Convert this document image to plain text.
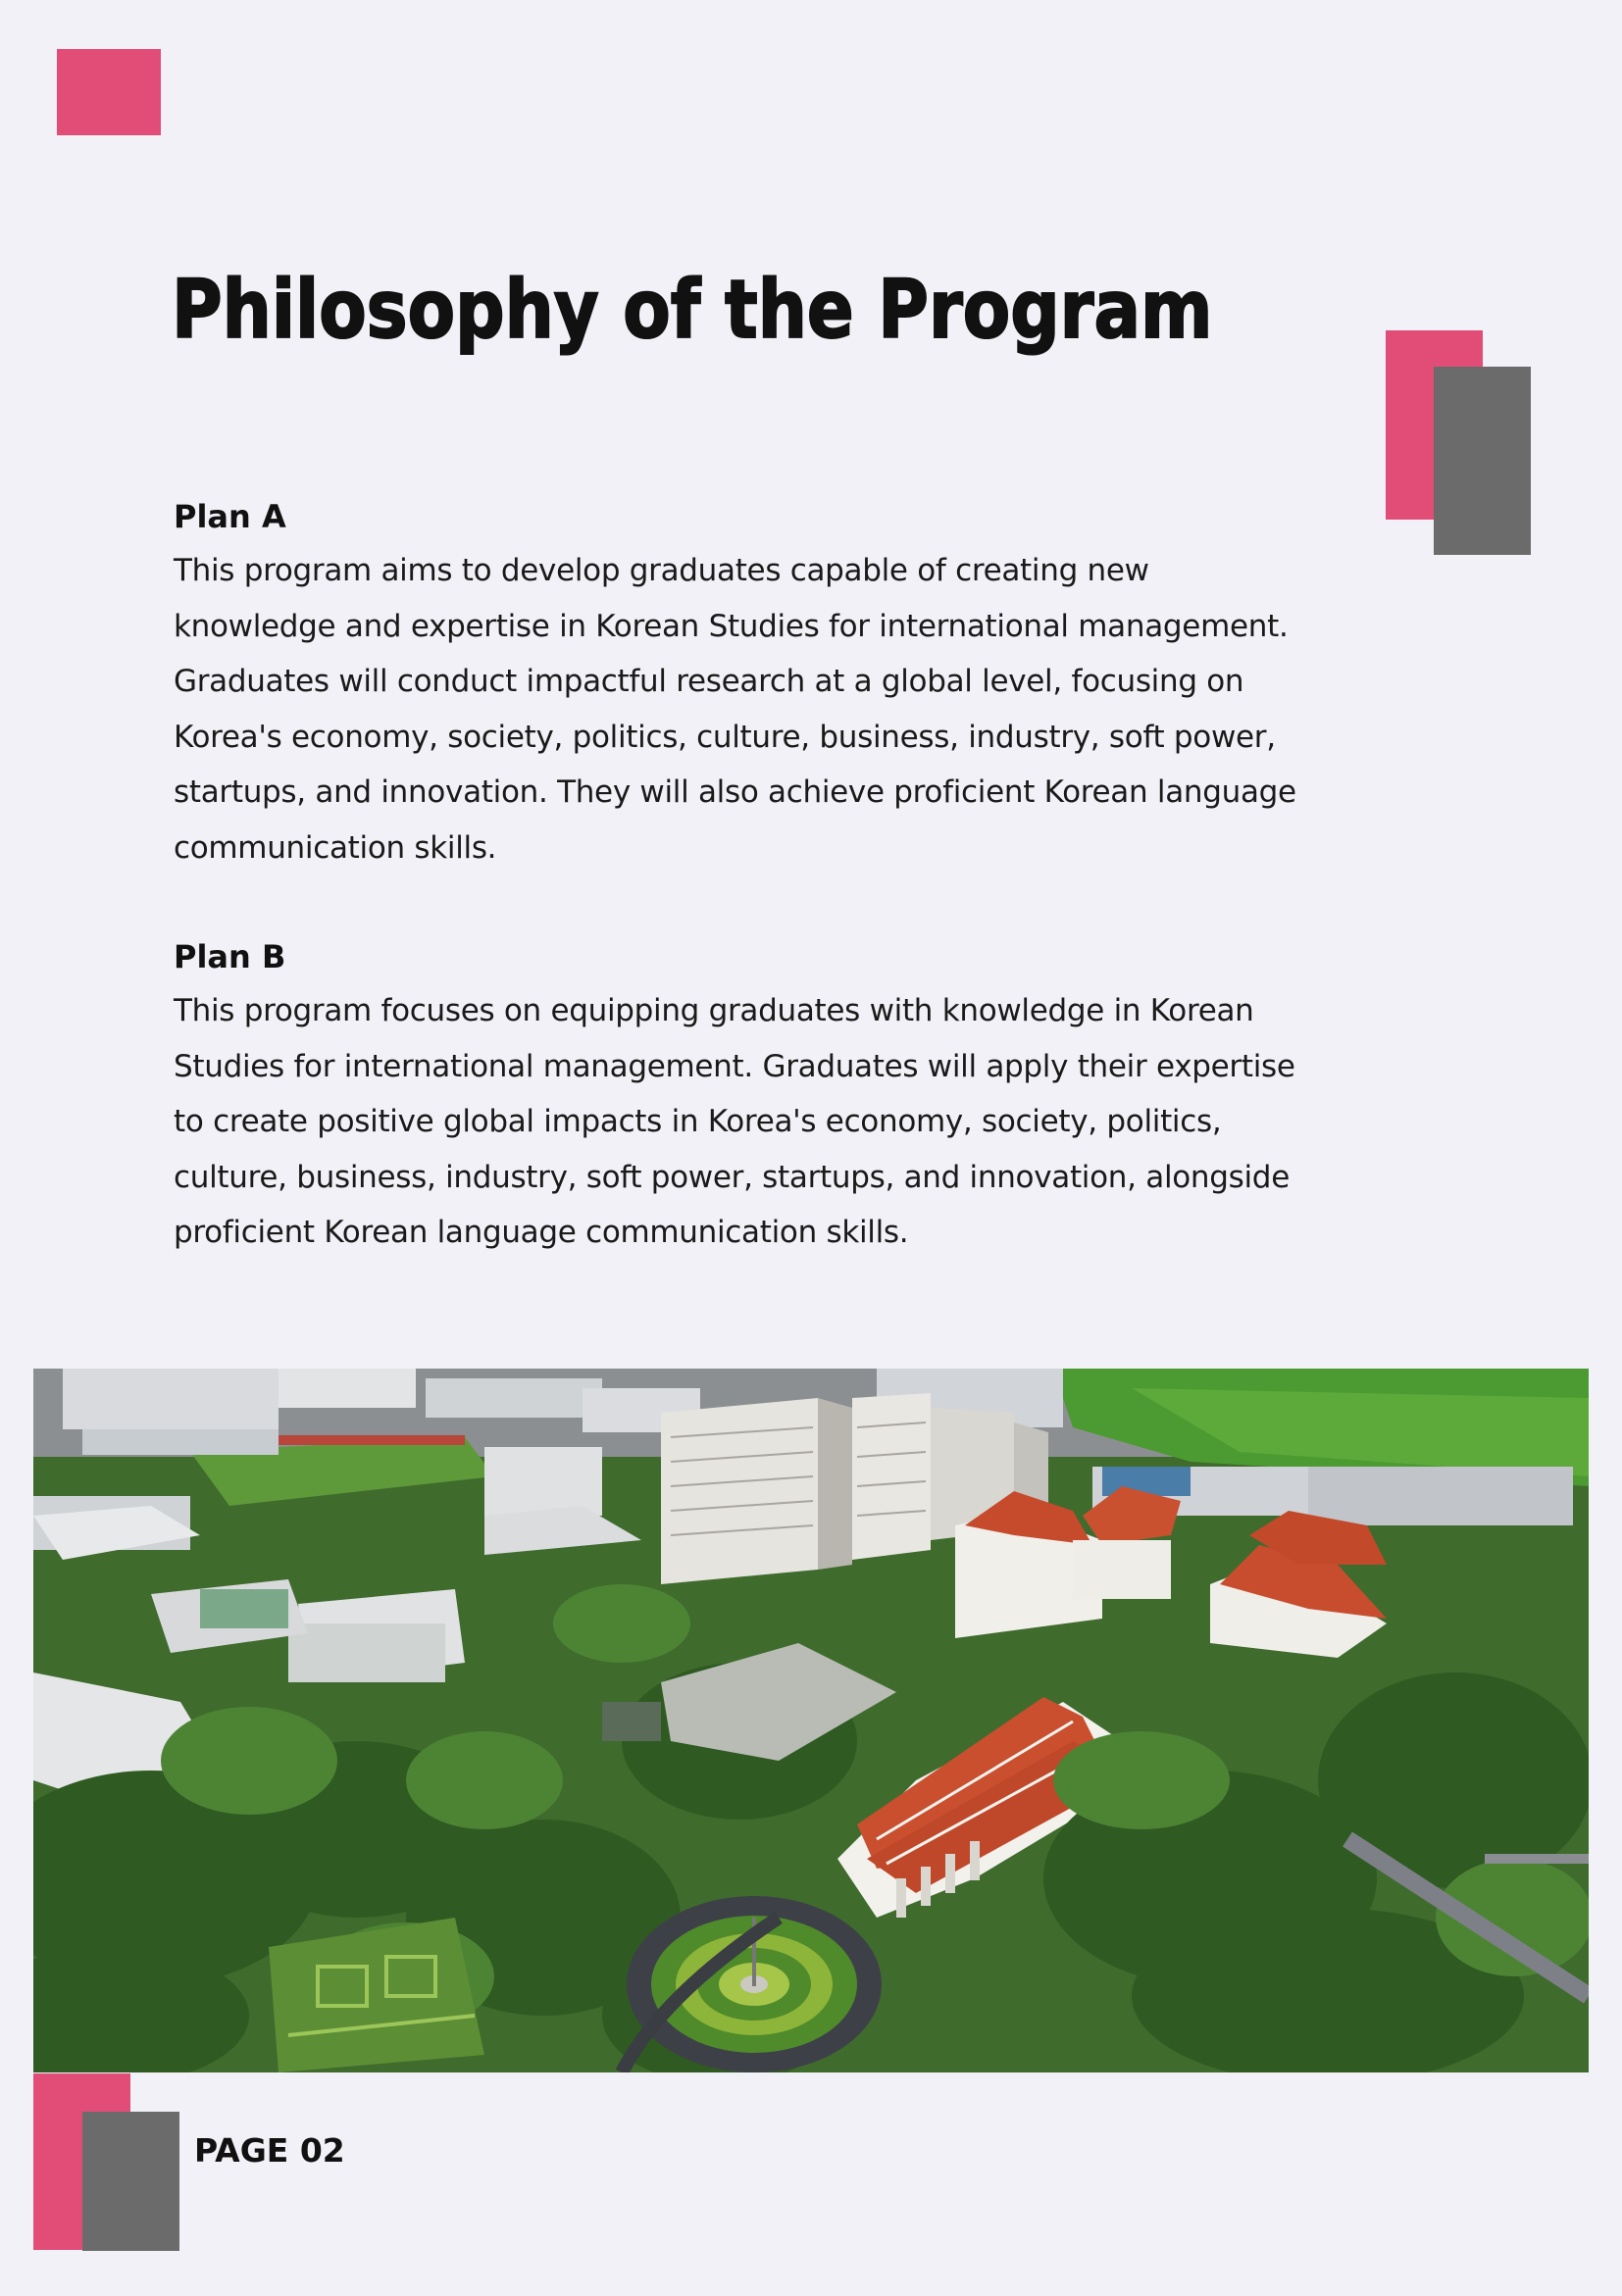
Philosophy of the Program

Plan A

This program aims to develop graduates capable of creating new
knowledge and expertise in Korean Studies for international management.
Graduates will conduct impactful research at a global level, focusing on
Korea's economy, society, politics, culture, business, industry, soft power,
startups, and innovation. They will also achieve proficient Korean language
communication skills.

Plan B

This program focuses on equipping graduates with knowledge in Korean
Studies for international management. Graduates will apply their expertise
to create positive global impacts in Korea's economy, society, politics,
culture, business, industry, soft power, startups, and innovation, alongside
proficient Korean language communication skills.

PAGE 02
